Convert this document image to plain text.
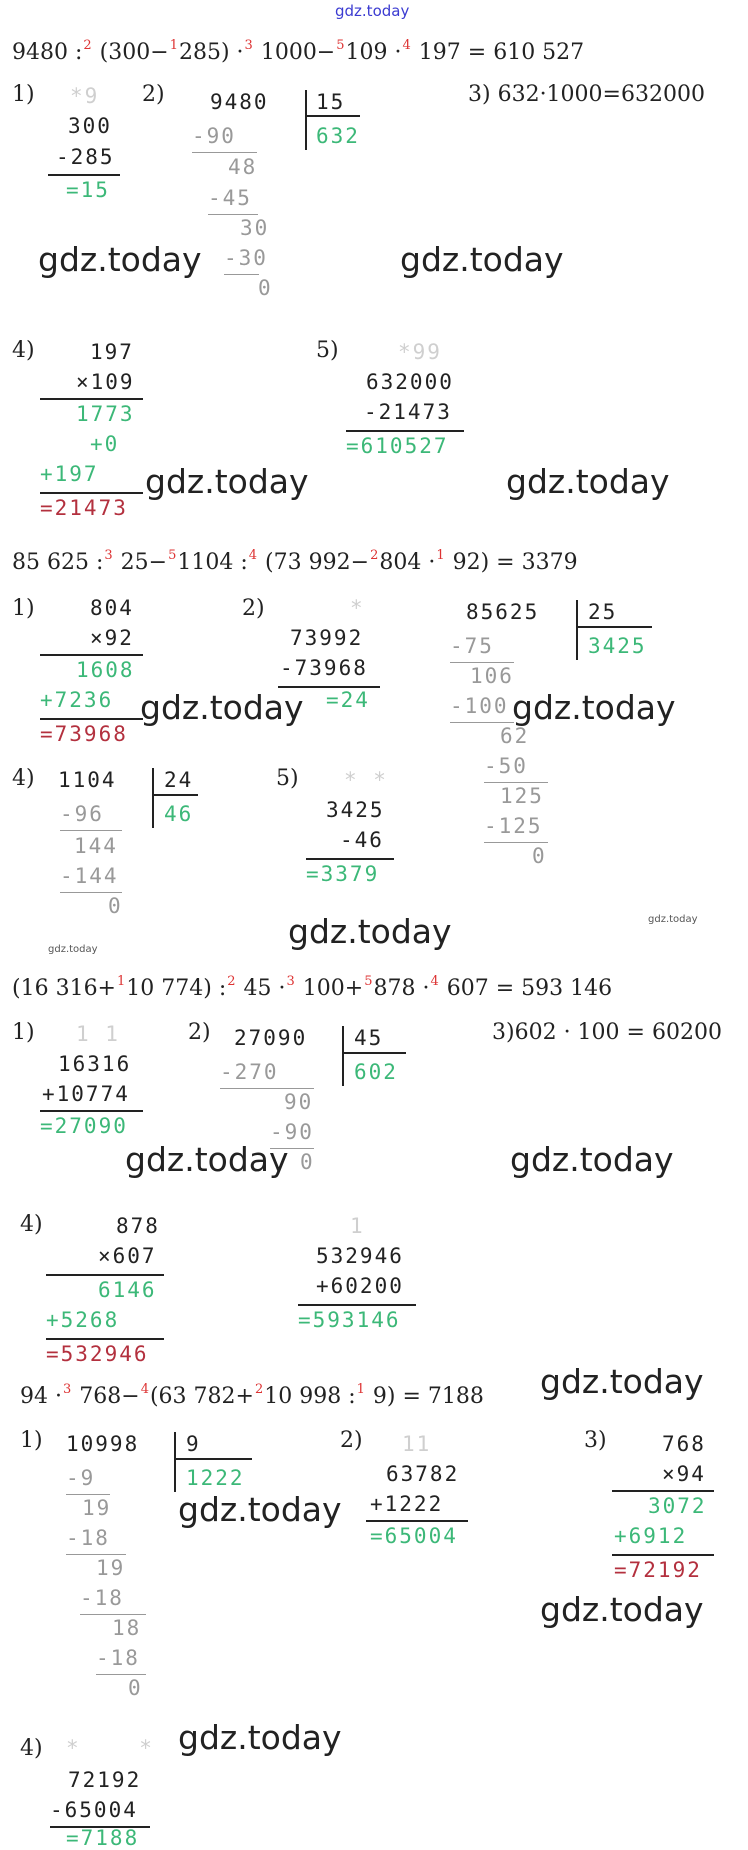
gdz.today
9480 :$^2$ (300−$^1$285) ·$^3$ 1000−$^5$109 ·$^4$ 197 = 610 527
1) *9
300
-285
=15
2) 9480 15
632
-90
48
-45
30
-30
0
3) 632·1000=632000
gdz.today	gdz.today
4)	197
×109
1773
+0
+197
=21473
gdz.today
5)	*99
632000
-21473
=610527
gdz.today
85 625 :$^3$ 25−$^5$1104 :$^4$ (73 992−$^2$804 ·$^1$ 92) = 3379
1)	804
×92
1608
+7236
=73968
gdz.today
2)	*
73992
-73968
=24
85625 25
3425
-75
106
-100
62
-50
125
-125
0
gdz.today
4) 1104 24
46
-96
144
-144
0
5) * *
3425
-46
=3379
gdz.today	gdz.today
gdz.today
(16 316+$^1$10 774) :$^2$ 45 ·$^3$ 100+$^5$878 ·$^4$ 607 = 593 146
1) 1 1
16316
+10774
=27090
2) 27090 45
602
-270
90
-90
0
3)602 · 100 = 60200
gdz.today	gdz.today
4)	878
×607
6146
+5268
=532946
1
532946
+60200
=593146
94 ·$^3$ 768−$^4$(63 782+$^2$10 998 :$^1$ 9) = 7188 gdz.today
1) 10998 9
1222
-9
19
-18
19
-18
18
-18
0
gdz.today
2) 11
63782
+1222
=65004
3)	768
×94
3072
+6912
=72192
gdz.today
4) *    * gdz.today
72192
-65004
=7188
